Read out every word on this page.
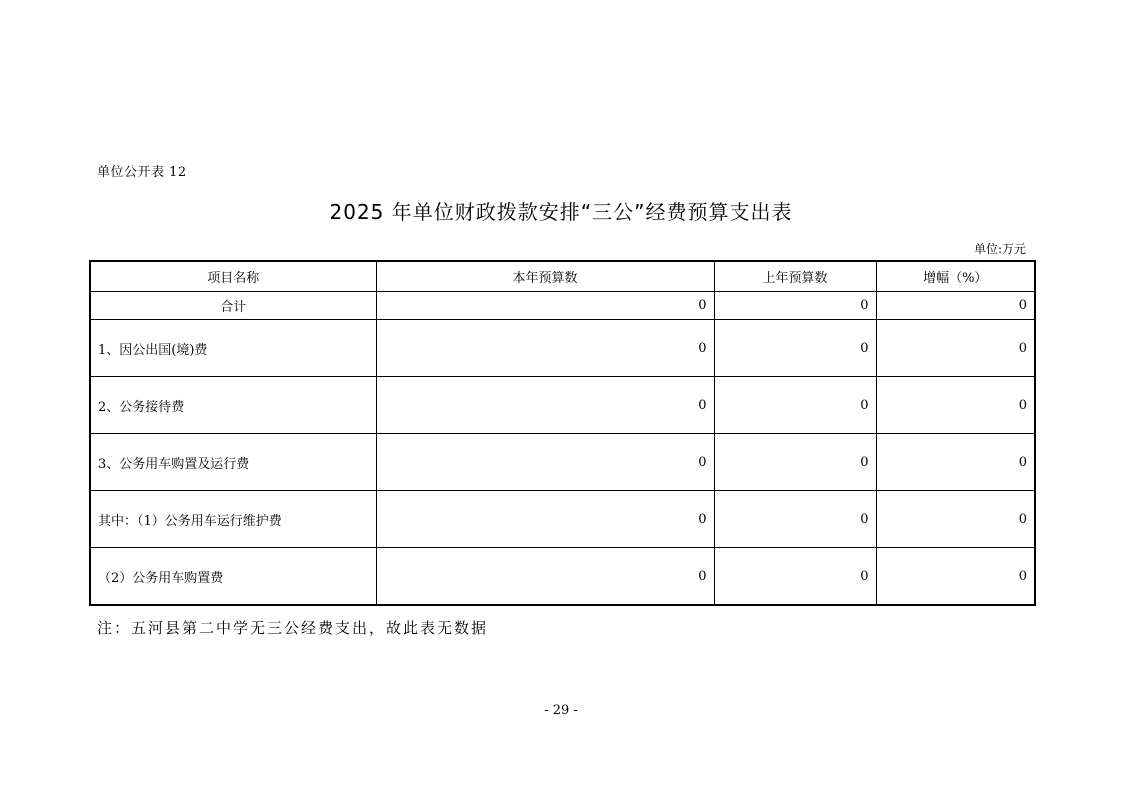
单位公开表 12
2025 年单位财政拨款安排“三公”经费预算支出表
单位:万元
项目名称	本年预算数	上年预算数	增幅（%）
合计	0	0	0
1、因公出国(境)费	0	0	0
2、公务接待费	0	0	0
3、公务用车购置及运行费	0	0	0
其中：（1）公务用车运行维护费	0	0	0
（2）公务用车购置费	0	0	0
注：五河县第二中学无三公经费支出，故此表无数据
- 29 -
